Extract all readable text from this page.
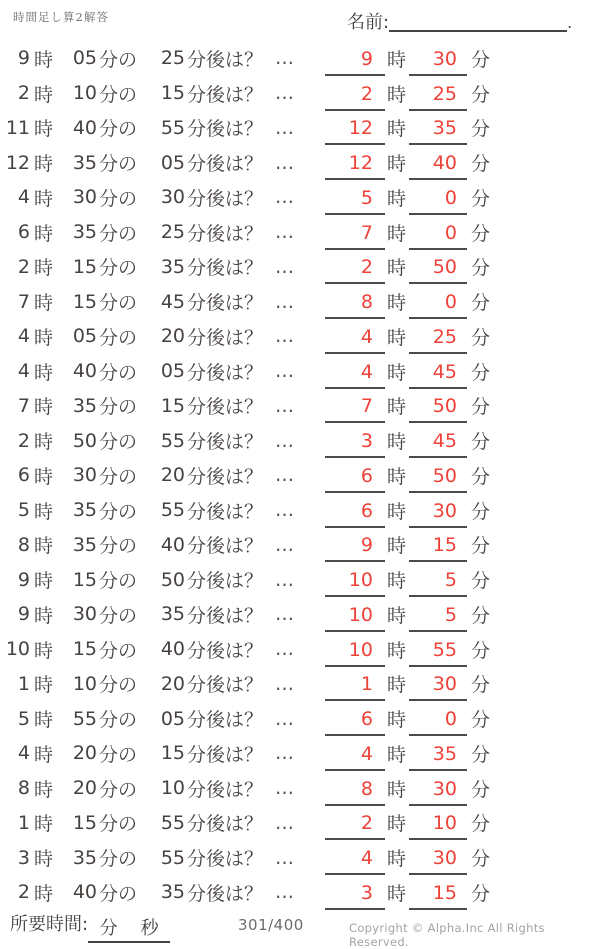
時間足し算2解答	名前:	.
9 時	05 分の	25 分後は？ …	9 時	30 分
2 時	10 分の	15 分後は？ …	2 時	25 分
11 時	40 分の	55 分後は？ …	12 時	35 分
12 時	35 分の	05 分後は？ …	12 時	40 分
4 時	30 分の	30 分後は？ …	5 時	0 分
6 時	35 分の	25 分後は？ …	7 時	0 分
2 時	15 分の	35 分後は？ …	2 時	50 分
7 時	15 分の	45 分後は？ …	8 時	0 分
4 時	05 分の	20 分後は？ …	4 時	25 分
4 時	40 分の	05 分後は？ …	4 時	45 分
7 時	35 分の	15 分後は？ …	7 時	50 分
2 時	50 分の	55 分後は？ …	3 時	45 分
6 時	30 分の	20 分後は？ …	6 時	50 分
5 時	35 分の	55 分後は？ …	6 時	30 分
8 時	35 分の	40 分後は？ …	9 時	15 分
9 時	15 分の	50 分後は？ …	10 時	5 分
9 時	30 分の	35 分後は？ …	10 時	5 分
10 時	15 分の	40 分後は？ …	10 時	55 分
1 時	10 分の	20 分後は？ …	1 時	30 分
5 時	55 分の	05 分後は？ …	6 時	0 分
4 時	20 分の	15 分後は？ …	4 時	35 分
8 時	20 分の	10 分後は？ …	8 時	30 分
1 時	15 分の	55 分後は？ …	2 時	10 分
3 時	35 分の	55 分後は？ …	4 時	30 分
2 時	40 分の	35 分後は？ …	3 時	15 分
所要時間: 分 秒	301/400	Copyright © Alpha.Inc All Rights Reserved.
